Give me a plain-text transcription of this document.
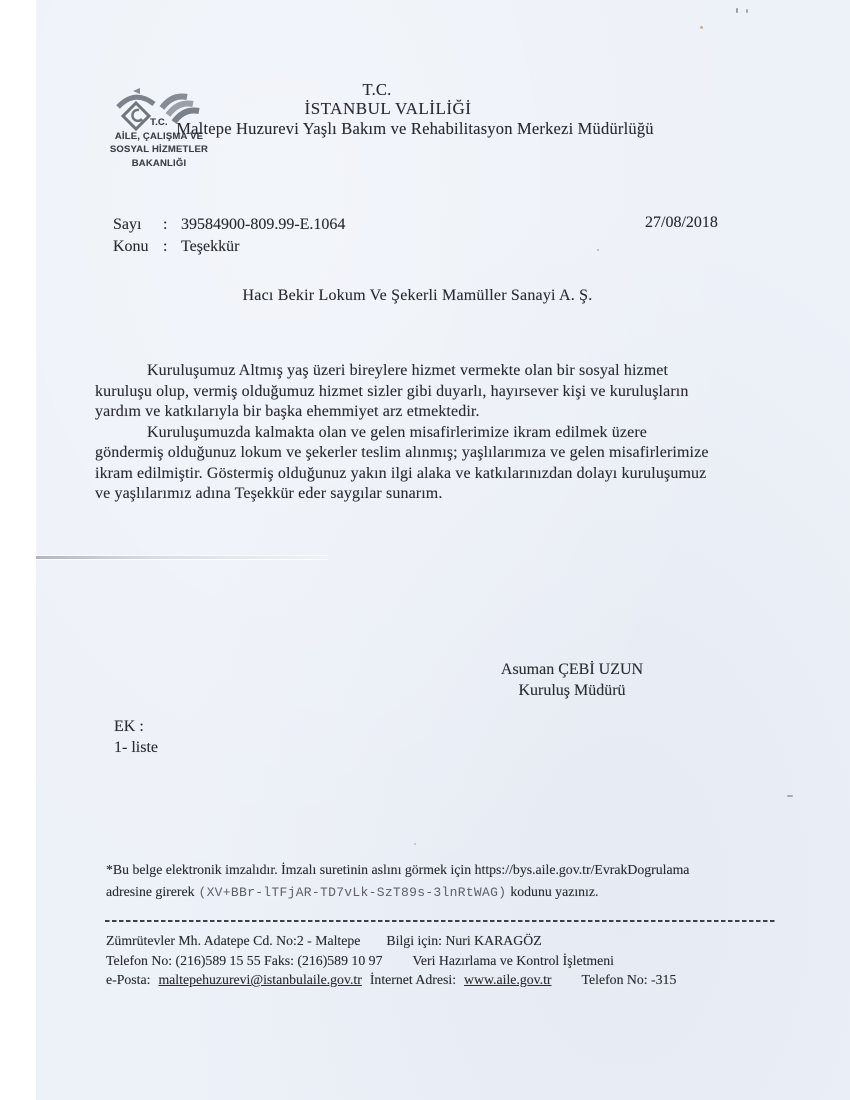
T.C.
AİLE, ÇALIŞMA VE
SOSYAL HİZMETLER
BAKANLIĞI
T.C.
İSTANBUL VALİLİĞİ
Maltepe Huzurevi Yaşlı Bakım ve Rehabilitasyon Merkezi Müdürlüğü
Sayı : 39584900-809.99-E.1064
Konu : Teşekkür
27/08/2018
Hacı Bekir Lokum Ve Şekerli Mamüller Sanayi A. Ş.
Kuruluşumuz Altmış yaş üzeri bireylere hizmet vermekte olan bir sosyal hizmet
kuruluşu olup, vermiş olduğumuz hizmet sizler gibi duyarlı, hayırsever kişi ve kuruluşların
yardım ve katkılarıyla bir başka ehemmiyet arz etmektedir.
Kuruluşumuzda kalmakta olan ve gelen misafirlerimize ikram edilmek üzere
göndermiş olduğunuz lokum ve şekerler teslim alınmış; yaşlılarımıza ve gelen misafirlerimize
ikram edilmiştir. Göstermiş olduğunuz yakın ilgi alaka ve katkılarınızdan dolayı kuruluşumuz
ve yaşlılarımız adına Teşekkür eder saygılar sunarım.
Asuman ÇEBİ UZUN
Kuruluş Müdürü
EK :
1- liste
*Bu belge elektronik imzalıdır. İmzalı suretinin aslını görmek için https://bys.aile.gov.tr/EvrakDogrulama
adresine girerek (XV+BBr-lTFjAR-TD7vLk-SzT89s-3lnRtWAG) kodunu yazınız.
Zümrütevler Mh. Adatepe Cd. No:2 - Maltepe Bilgi için: Nuri KARAGÖZ
Telefon No: (216)589 15 55 Faks: (216)589 10 97 Veri Hazırlama ve Kontrol İşletmeni
e-Posta: maltepehuzurevi@istanbulaile.gov.tr İnternet Adresi: www.aile.gov.tr Telefon No: -315
